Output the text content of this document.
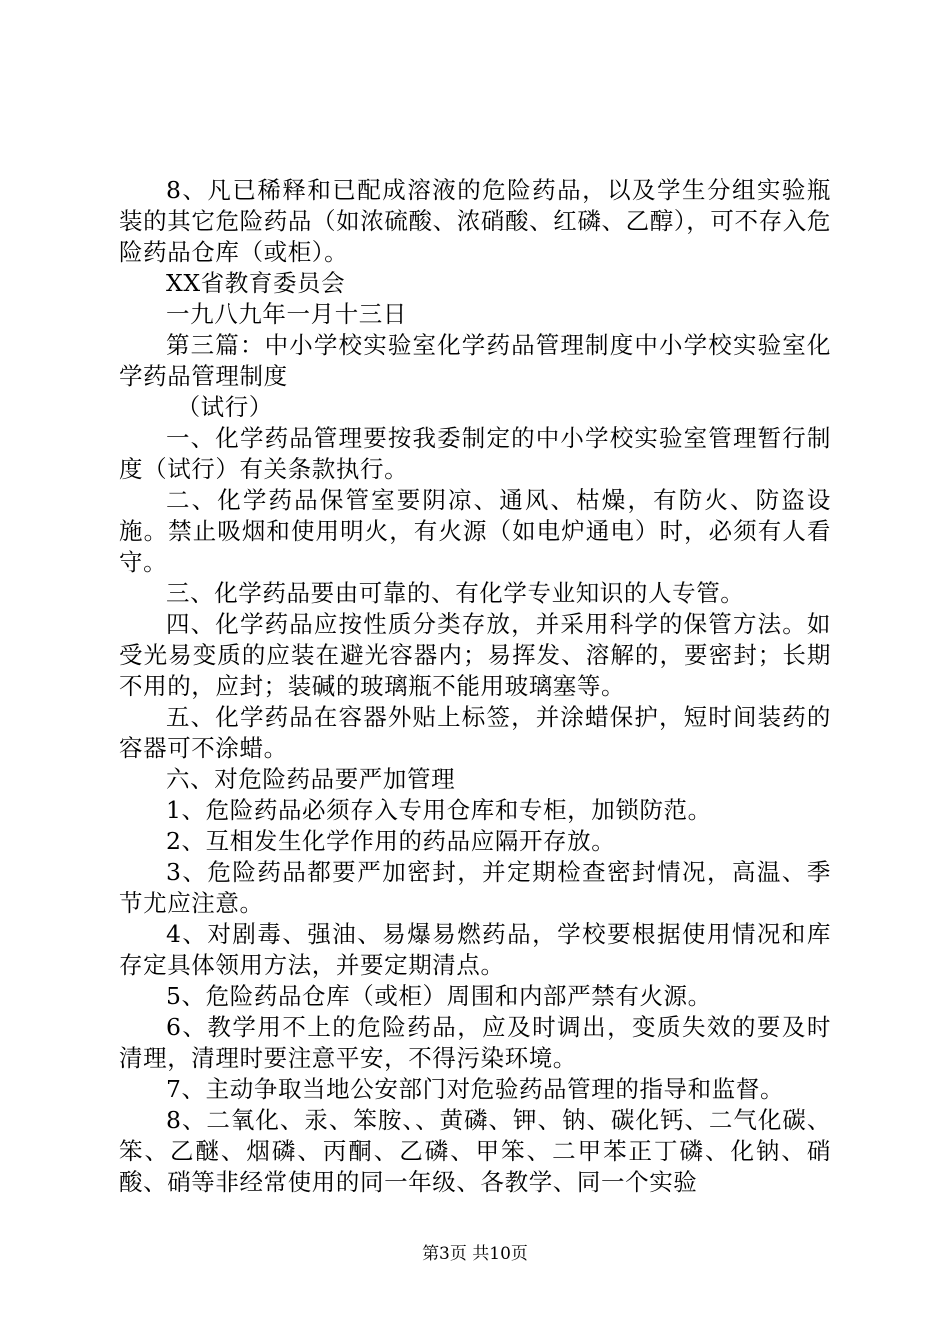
8、凡已稀释和已配成溶液的危险药品，以及学生分组实验瓶装的其它危险药品（如浓硫酸、浓硝酸、红磷、乙醇），可不存入危险药品仓库（或柜）。

XX省教育委员会

一九八九年一月十三日

第三篇：中小学校实验室化学药品管理制度中小学校实验室化学药品管理制度

（试行）

一、化学药品管理要按我委制定的中小学校实验室管理暂行制度（试行）有关条款执行。

二、化学药品保管室要阴凉、通风、枯燥，有防火、防盗设施。禁止吸烟和使用明火，有火源（如电炉通电）时，必须有人看守。

三、化学药品要由可靠的、有化学专业知识的人专管。

四、化学药品应按性质分类存放，并采用科学的保管方法。如受光易变质的应装在避光容器内；易挥发、溶解的，要密封；长期不用的，应封；装碱的玻璃瓶不能用玻璃塞等。

五、化学药品在容器外贴上标签，并涂蜡保护，短时间装药的容器可不涂蜡。

六、对危险药品要严加管理

1、危险药品必须存入专用仓库和专柜，加锁防范。

2、互相发生化学作用的药品应隔开存放。

3、危险药品都要严加密封，并定期检查密封情况，高温、季节尤应注意。

4、对剧毒、强油、易爆易燃药品，学校要根据使用情况和库存定具体领用方法，并要定期清点。

5、危险药品仓库（或柜）周围和内部严禁有火源。

6、教学用不上的危险药品，应及时调出，变质失效的要及时清理，清理时要注意平安，不得污染环境。

7、主动争取当地公安部门对危验药品管理的指导和监督。

8、二氧化、汞、笨胺、、黄磷、钾、钠、碳化钙、二气化碳、笨、乙醚、烟磷、丙酮、乙磷、甲笨、二甲苯正丁磷、化钠、硝酸、硝等非经常使用的同一年级、各教学、同一个实验

第3页 共10页
